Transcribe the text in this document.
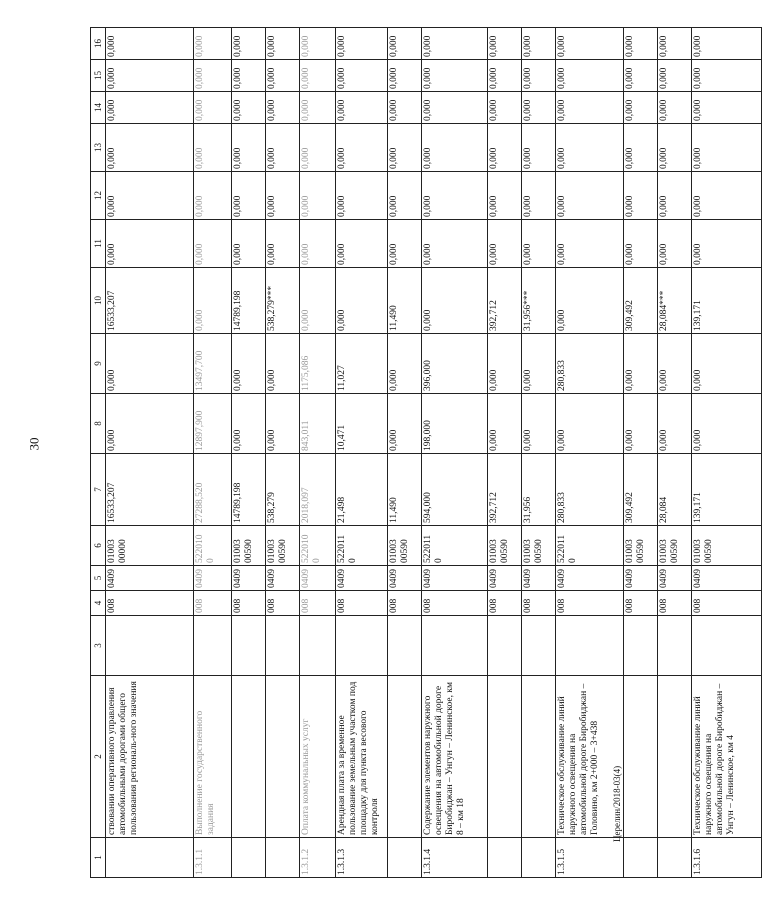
30
Церелин/2018-03(4)
1	2	3	4	5	6	7	8	9	10	11	12	13	14	15	16
	ствовании оперативного управления автомобильными дорогами общего пользования региональ-ного значения		008	0409	01003 00000	16533,207	0,000	0,000	16533,207	0,000	0,000	0,000	0,000	0,000	0,000
1.3.1.1	Выполнение государственного задания		008	0409	522010 0	27288,520	12897,900	13497,700	0,000	0,000	0,000	0,000	0,000	0,000	0,000
			008	0409	01003 00590	14789,198	0,000	0,000	14789,198	0,000	0,000	0,000	0,000	0,000	0,000
			008	0409	01003 00590	538,279	0,000	0,000	538,279***	0,000	0,000	0,000	0,000	0,000	0,000
1.3.1.2	Оплата коммунальных услуг		008	0409	522010 0	2018,097	843,011	1175,086	0,000	0,000	0,000	0,000	0,000	0,000	0,000
1.3.1.3	Арендная плата за временное пользование земельным участком под площадку для пункта весового контроля		008	0409	522011 0	21,498	10,471	11,027	0,000	0,000	0,000	0,000	0,000	0,000	0,000
			008	0409	01003 00590	11,490	0,000	0,000	11,490	0,000	0,000	0,000	0,000	0,000	0,000
1.3.1.4	Содержание элементов наружного освещения на автомобильной дороге Биробиджан – Унгун – Ленинское, км 8 – км 18		008	0409	522011 0	594,000	198,000	396,000	0,000	0,000	0,000	0,000	0,000	0,000	0,000
			008	0409	01003 00590	392,712	0,000	0,000	392,712	0,000	0,000	0,000	0,000	0,000	0,000
			008	0409	01003 00590	31,956	0,000	0,000	31,956***	0,000	0,000	0,000	0,000	0,000	0,000
1.3.1.5	Техническое обслуживание линий наружного освещения на автомобильной дороге Биробиджан – Головино, км 2+000 – 3+438		008	0409	522011 0	280,833	0,000	280,833	0,000	0,000	0,000	0,000	0,000	0,000	0,000
			008	0409	01003 00590	309,492	0,000	0,000	309,492	0,000	0,000	0,000	0,000	0,000	0,000
			008	0409	01003 00590	28,084	0,000	0,000	28,084***	0,000	0,000	0,000	0,000	0,000	0,000
1.3.1.6	Техническое обслуживание линий наружного освещения на автомобильной дороге Биробиджан – Унгун – Ленинское, км 4		008	0409	01003 00590	139,171	0,000	0,000	139,171	0,000	0,000	0,000	0,000	0,000	0,000
